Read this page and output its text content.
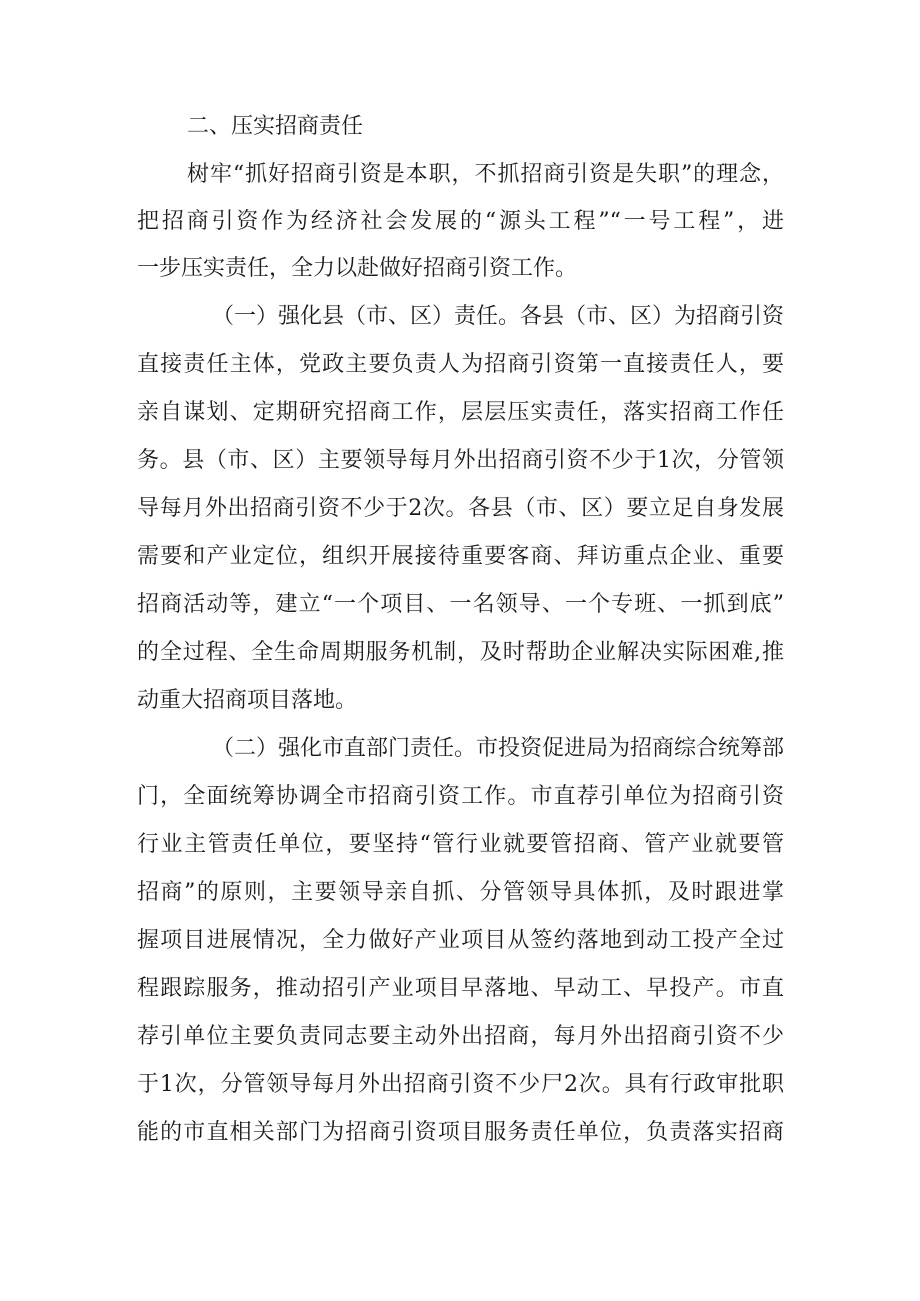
二、压实招商责任
树牢“抓好招商引资是本职，不抓招商引资是失职”的理念，
把招商引资作为经济社会发展的“源头工程”“一号工程”，进
一步压实责任，全力以赴做好招商引资工作。
（一）强化县（市、区）责任。各县（市、区）为招商引资
直接责任主体，党政主要负责人为招商引资第一直接责任人，要
亲自谋划、定期研究招商工作，层层压实责任，落实招商工作任
务。县（市、区）主要领导每月外出招商引资不少于1次，分管领
导每月外出招商引资不少于2次。各县（市、区）要立足自身发展
需要和产业定位，组织开展接待重要客商、拜访重点企业、重要
招商活动等，建立“一个项目、一名领导、一个专班、一抓到底”
的全过程、全生命周期服务机制，及时帮助企业解决实际困难,推
动重大招商项目落地。
（二）强化市直部门责任。市投资促进局为招商综合统筹部
门，全面统筹协调全市招商引资工作。市直荐引单位为招商引资
行业主管责任单位，要坚持“管行业就要管招商、管产业就要管
招商”的原则，主要领导亲自抓、分管领导具体抓，及时跟进掌
握项目进展情况，全力做好产业项目从签约落地到动工投产全过
程跟踪服务，推动招引产业项目早落地、早动工、早投产。市直
荐引单位主要负责同志要主动外出招商，每月外出招商引资不少
于1次，分管领导每月外出招商引资不少尸2次。具有行政审批职
能的市直相关部门为招商引资项目服务责任单位，负责落实招商
